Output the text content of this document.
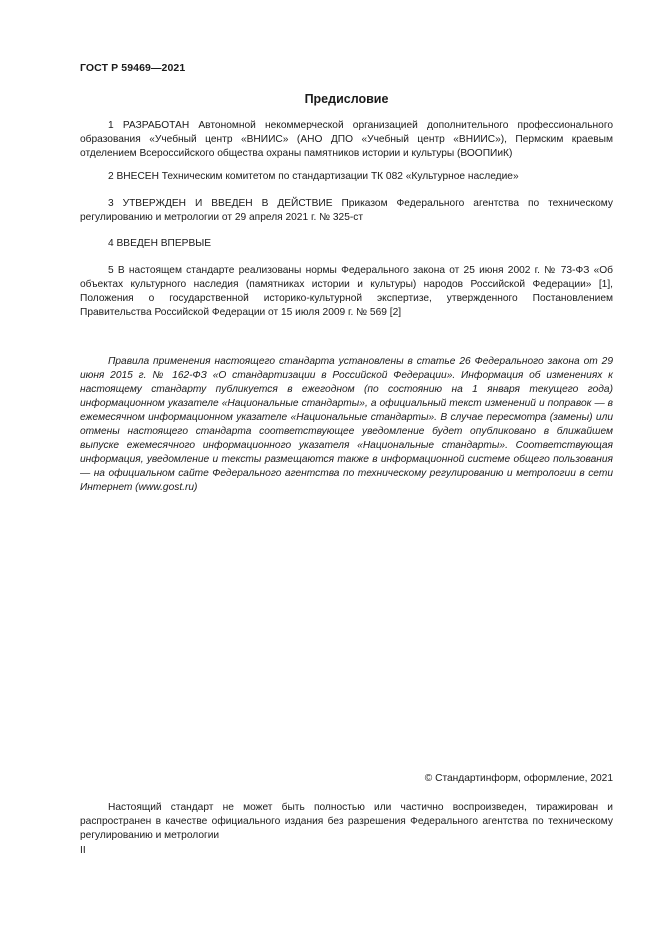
ГОСТ Р 59469—2021
Предисловие
1 РАЗРАБОТАН Автономной некоммерческой организацией дополнительного профессионального образования «Учебный центр «ВНИИС» (АНО ДПО «Учебный центр «ВНИИС»), Пермским краевым отделением Всероссийского общества охраны памятников истории и культуры (ВООПИиК)
2 ВНЕСЕН Техническим комитетом по стандартизации ТК 082 «Культурное наследие»
3 УТВЕРЖДЕН И ВВЕДЕН В ДЕЙСТВИЕ Приказом Федерального агентства по техническому регулированию и метрологии от 29 апреля 2021 г. № 325-ст
4 ВВЕДЕН ВПЕРВЫЕ
5 В настоящем стандарте реализованы нормы Федерального закона от 25 июня 2002 г. № 73-ФЗ «Об объектах культурного наследия (памятниках истории и культуры) народов Российской Федерации» [1], Положения о государственной историко-культурной экспертизе, утвержденного Постановлением Правительства Российской Федерации от 15 июля 2009 г. № 569 [2]
Правила применения настоящего стандарта установлены в статье 26 Федерального закона от 29 июня 2015 г. № 162-ФЗ «О стандартизации в Российской Федерации». Информация об изменениях к настоящему стандарту публикуется в ежегодном (по состоянию на 1 января текущего года) информационном указателе «Национальные стандарты», а официальный текст изменений и поправок — в ежемесячном информационном указателе «Национальные стандарты». В случае пересмотра (замены) или отмены настоящего стандарта соответствующее уведомление будет опубликовано в ближайшем выпуске ежемесячного информационного указателя «Национальные стандарты». Соответствующая информация, уведомление и тексты размещаются также в информационной системе общего пользования — на официальном сайте Федерального агентства по техническому регулированию и метрологии в сети Интернет (www.gost.ru)
© Стандартинформ, оформление, 2021
Настоящий стандарт не может быть полностью или частично воспроизведен, тиражирован и распространен в качестве официального издания без разрешения Федерального агентства по техническому регулированию и метрологии
II
